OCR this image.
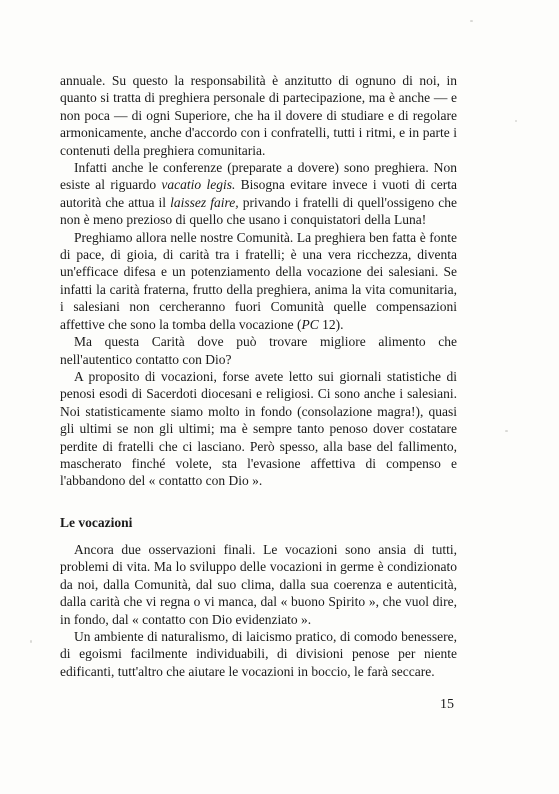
annuale. Su questo la responsabilità è anzitutto di ognuno di noi, in quanto si tratta di preghiera personale di partecipazione, ma è anche — e non poca — di ogni Superiore, che ha il dovere di studiare e di regolare armonicamente, anche d'accordo con i confratelli, tutti i ritmi, e in parte i contenuti della preghiera comunitaria.

Infatti anche le conferenze (preparate a dovere) sono preghiera. Non esiste al riguardo vacatio legis. Bisogna evitare invece i vuoti di certa autorità che attua il laissez faire, privando i fratelli di quell'ossigeno che non è meno prezioso di quello che usano i conquistatori della Luna!

Preghiamo allora nelle nostre Comunità. La preghiera ben fatta è fonte di pace, di gioia, di carità tra i fratelli; è una vera ricchezza, diventa un'efficace difesa e un potenziamento della vocazione dei salesiani. Se infatti la carità fraterna, frutto della preghiera, anima la vita comunitaria, i salesiani non cercheranno fuori Comunità quelle compensazioni affettive che sono la tomba della vocazione (PC 12).

Ma questa Carità dove può trovare migliore alimento che nell'autentico contatto con Dio?

A proposito di vocazioni, forse avete letto sui giornali statistiche di penosi esodi di Sacerdoti diocesani e religiosi. Ci sono anche i salesiani. Noi statisticamente siamo molto in fondo (consolazione magra!), quasi gli ultimi se non gli ultimi; ma è sempre tanto penoso dover costatare perdite di fratelli che ci lasciano. Però spesso, alla base del fallimento, mascherato finché volete, sta l'evasione affettiva di compenso e l'abbandono del « contatto con Dio ».

Le vocazioni

Ancora due osservazioni finali. Le vocazioni sono ansia di tutti, problemi di vita. Ma lo sviluppo delle vocazioni in germe è condizionato da noi, dalla Comunità, dal suo clima, dalla sua coerenza e autenticità, dalla carità che vi regna o vi manca, dal « buono Spirito », che vuol dire, in fondo, dal « contatto con Dio evidenziato ».

Un ambiente di naturalismo, di laicismo pratico, di comodo benessere, di egoismi facilmente individuabili, di divisioni penose per niente edificanti, tutt'altro che aiutare le vocazioni in boccio, le farà seccare.

15
